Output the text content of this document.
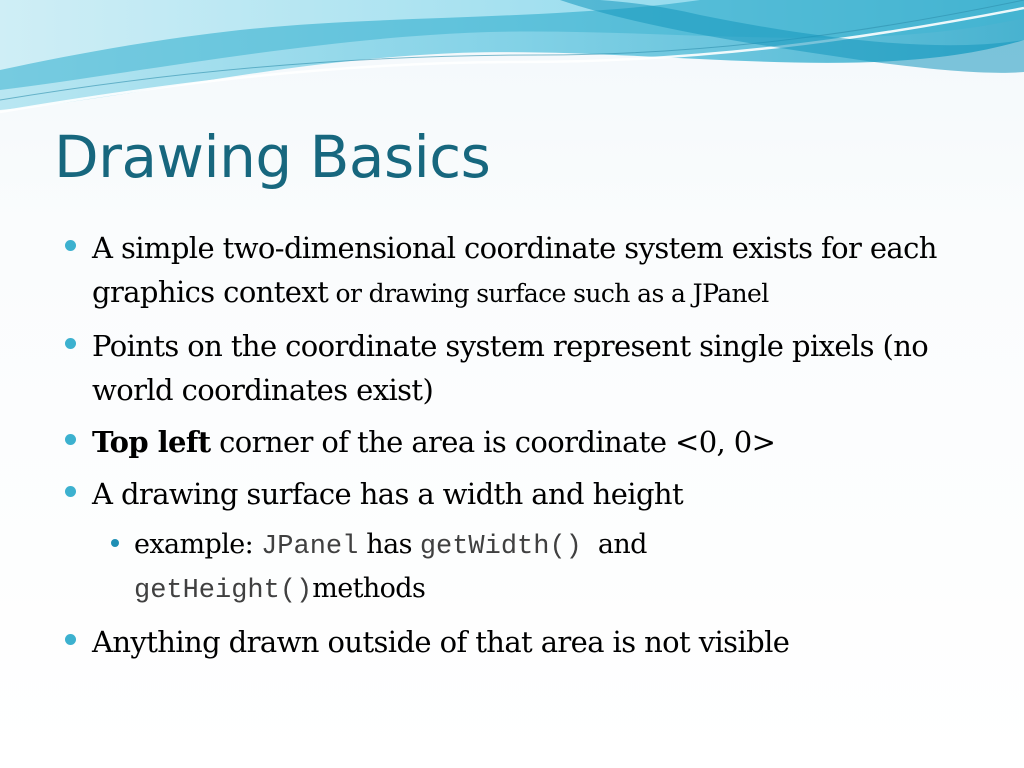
Drawing Basics
A simple two-dimensional coordinate system exists for each graphics context or drawing surface such as a JPanel
Points on the coordinate system represent single pixels (no world coordinates exist)
Top left corner of the area is coordinate <0, 0>
A drawing surface has a width and height
example: JPanel has getWidth()  and
getHeight()methods
Anything drawn outside of that area is not visible
